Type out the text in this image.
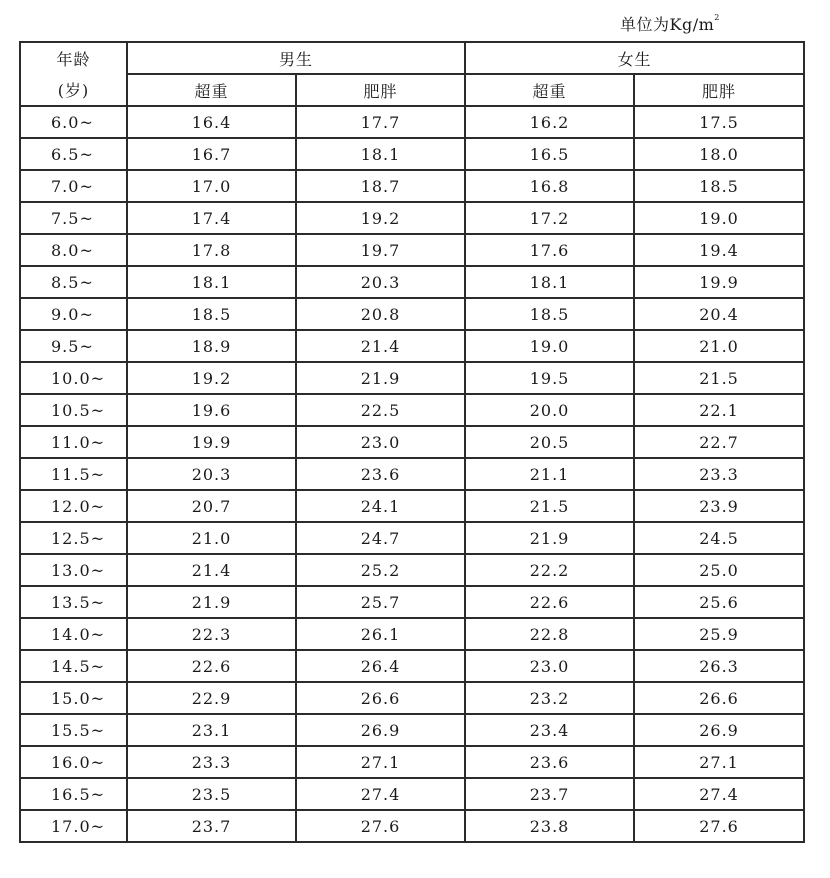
单位为$Kg/m^2$
年龄	男生		女生	
(岁)	超重	肥胖	超重	肥胖
6.0~	16.4	17.7	16.2	17.5
6.5~	16.7	18.1	16.5	18.0
7.0~	17.0	18.7	16.8	18.5
7.5~	17.4	19.2	17.2	19.0
8.0~	17.8	19.7	17.6	19.4
8.5~	18.1	20.3	18.1	19.9
9.0~	18.5	20.8	18.5	20.4
9.5~	18.9	21.4	19.0	21.0
10.0~	19.2	21.9	19.5	21.5
10.5~	19.6	22.5	20.0	22.1
11.0~	19.9	23.0	20.5	22.7
11.5~	20.3	23.6	21.1	23.3
12.0~	20.7	24.1	21.5	23.9
12.5~	21.0	24.7	21.9	24.5
13.0~	21.4	25.2	22.2	25.0
13.5~	21.9	25.7	22.6	25.6
14.0~	22.3	26.1	22.8	25.9
14.5~	22.6	26.4	23.0	26.3
15.0~	22.9	26.6	23.2	26.6
15.5~	23.1	26.9	23.4	26.9
16.0~	23.3	27.1	23.6	27.1
16.5~	23.5	27.4	23.7	27.4
17.0~	23.7	27.6	23.8	27.6
